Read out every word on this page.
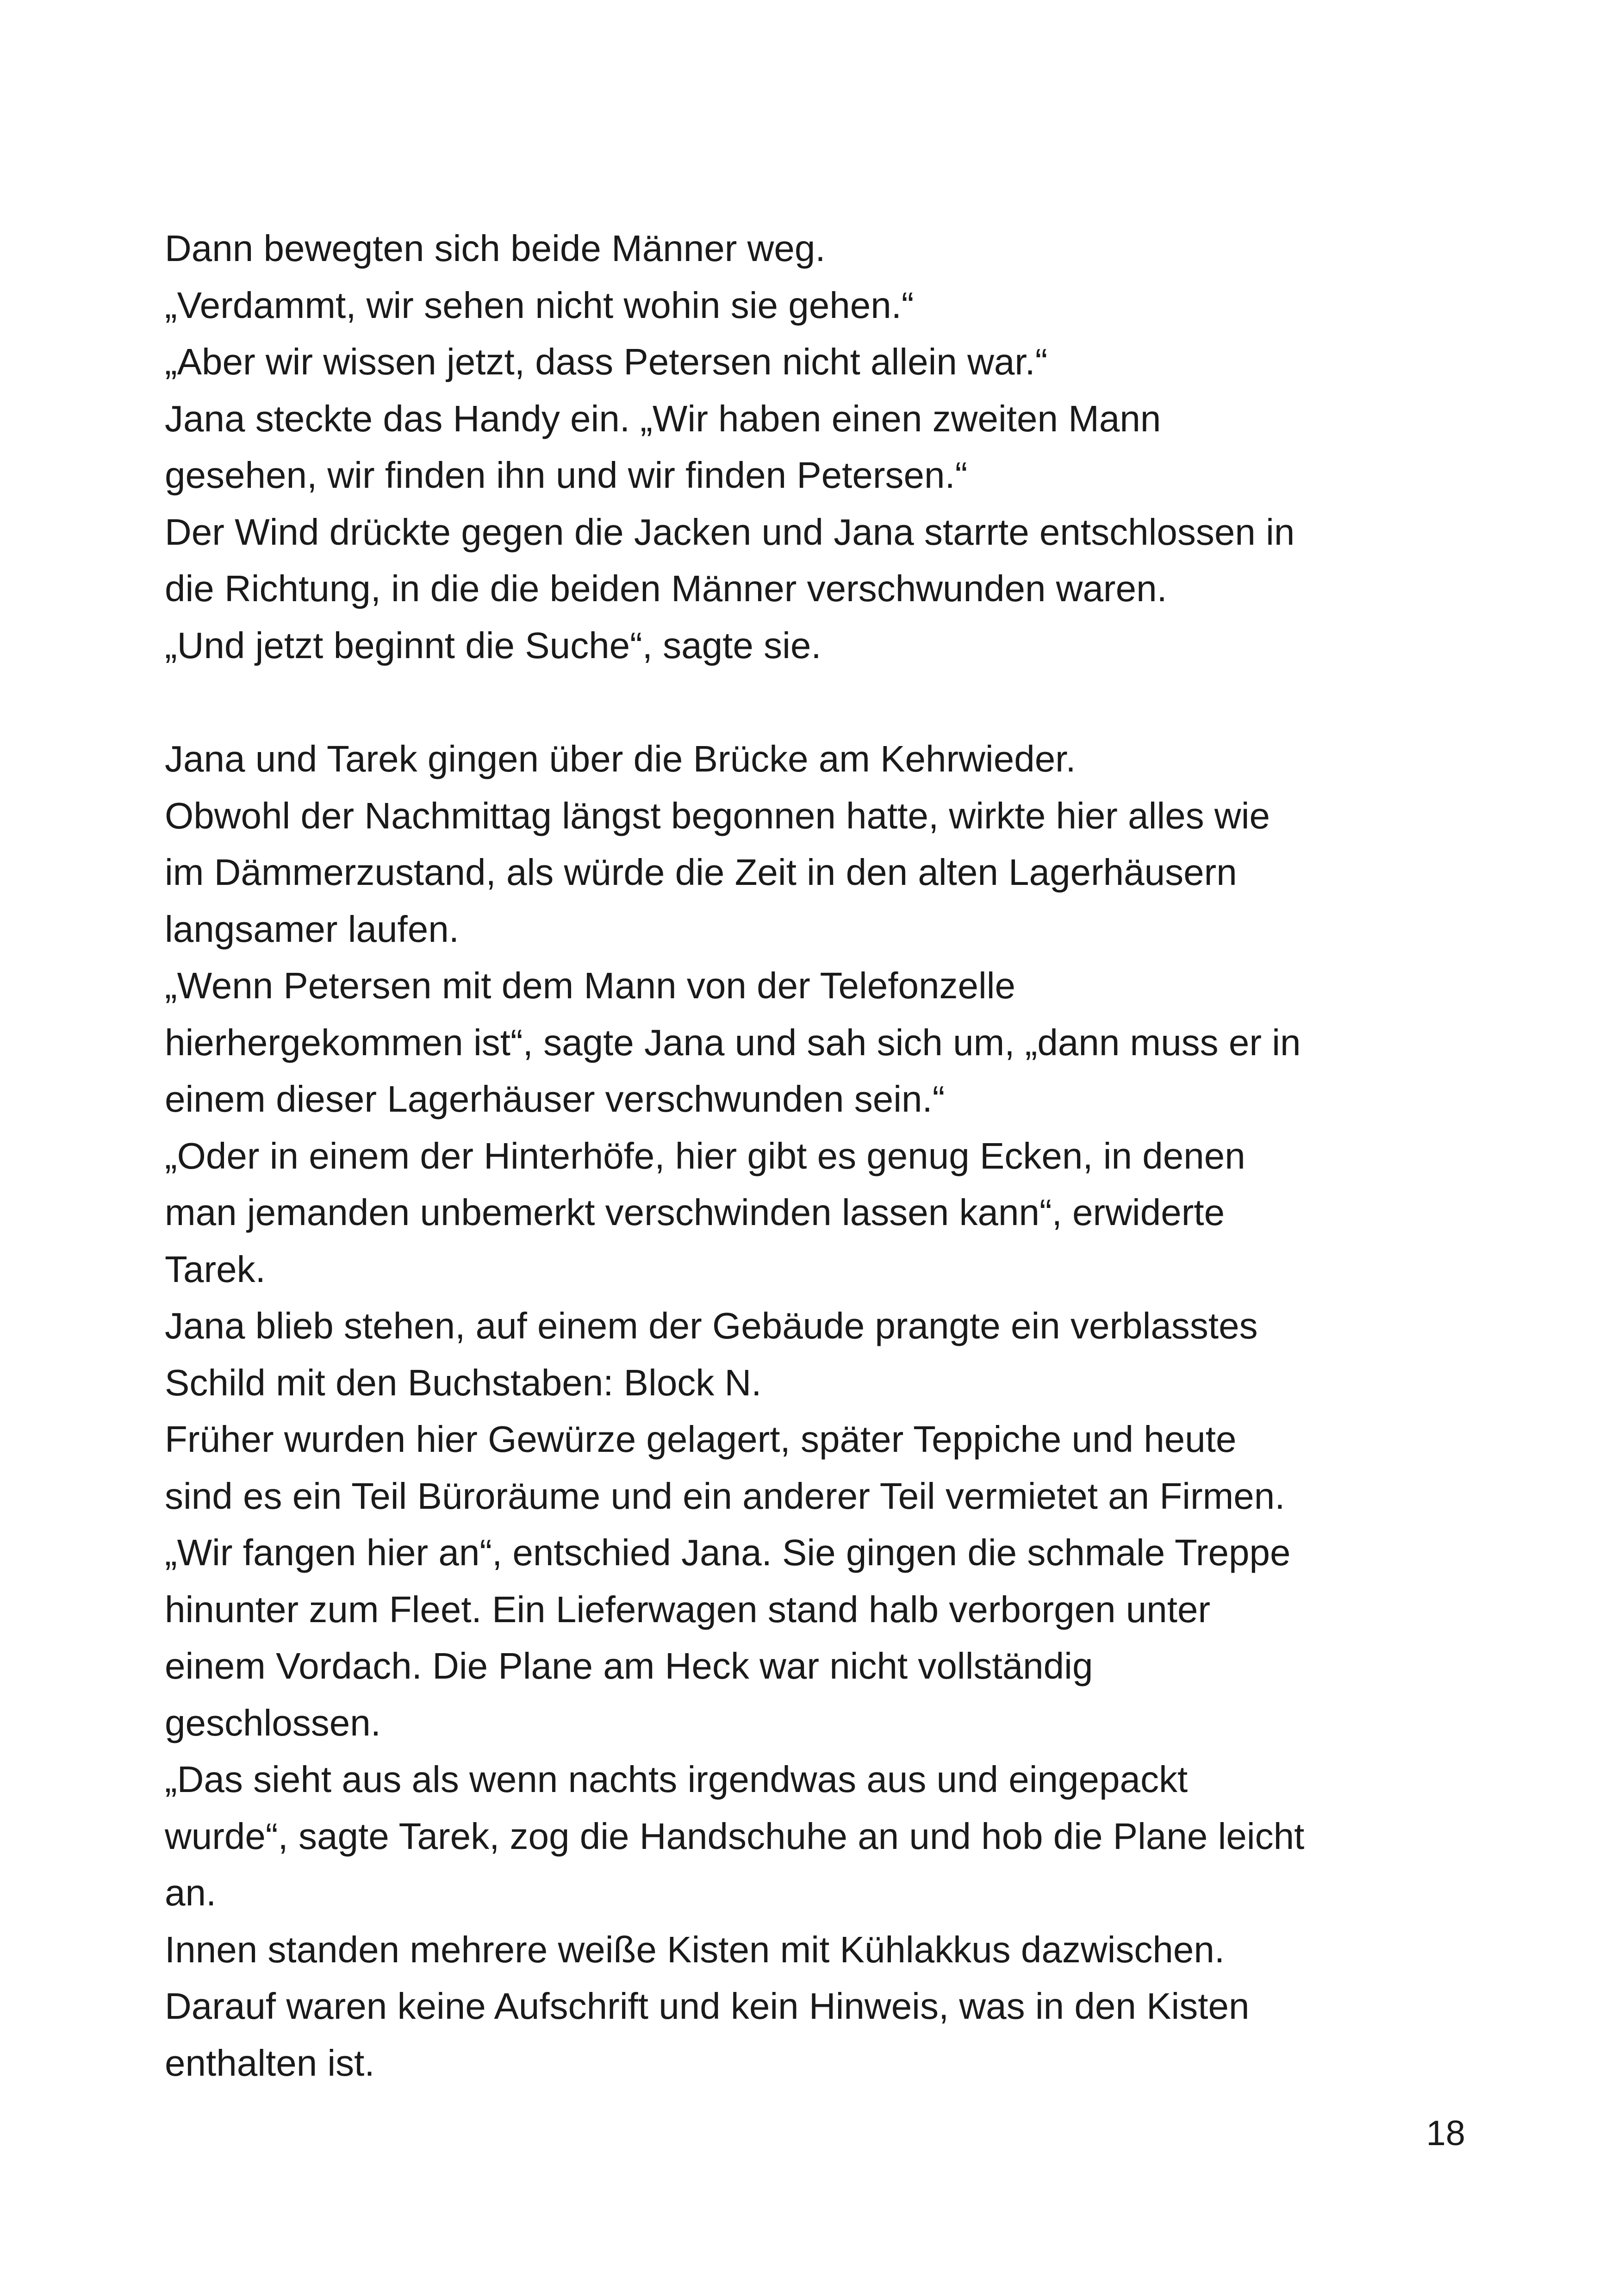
Dann bewegten sich beide Männer weg.
„Verdammt, wir sehen nicht wohin sie gehen.“
„Aber wir wissen jetzt, dass Petersen nicht allein war.“
Jana steckte das Handy ein. „Wir haben einen zweiten Mann
gesehen, wir finden ihn und wir finden Petersen.“
Der Wind drückte gegen die Jacken und Jana starrte entschlossen in
die Richtung, in die die beiden Männer verschwunden waren.
„Und jetzt beginnt die Suche“, sagte sie.
Jana und Tarek gingen über die Brücke am Kehrwieder.
Obwohl der Nachmittag längst begonnen hatte, wirkte hier alles wie
im Dämmerzustand, als würde die Zeit in den alten Lagerhäusern
langsamer laufen.
„Wenn Petersen mit dem Mann von der Telefonzelle
hierhergekommen ist“, sagte Jana und sah sich um, „dann muss er in
einem dieser Lagerhäuser verschwunden sein.“
„Oder in einem der Hinterhöfe, hier gibt es genug Ecken, in denen
man jemanden unbemerkt verschwinden lassen kann“, erwiderte
Tarek.
Jana blieb stehen, auf einem der Gebäude prangte ein verblasstes
Schild mit den Buchstaben: Block N.
Früher wurden hier Gewürze gelagert, später Teppiche und heute
sind es ein Teil Büroräume und ein anderer Teil vermietet an Firmen.
„Wir fangen hier an“, entschied Jana. Sie gingen die schmale Treppe
hinunter zum Fleet. Ein Lieferwagen stand halb verborgen unter
einem Vordach. Die Plane am Heck war nicht vollständig
geschlossen.
„Das sieht aus als wenn nachts irgendwas aus und eingepackt
wurde“, sagte Tarek, zog die Handschuhe an und hob die Plane leicht
an.
Innen standen mehrere weiße Kisten mit Kühlakkus dazwischen.
Darauf waren keine Aufschrift und kein Hinweis, was in den Kisten
enthalten ist.
18
